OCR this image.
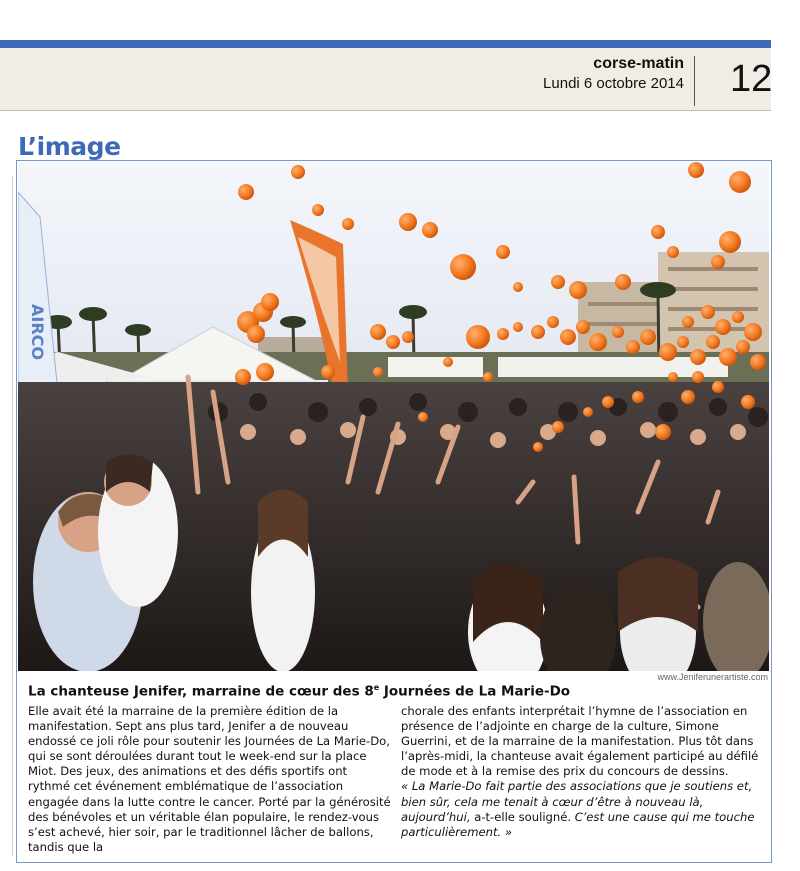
corse-matin
Lundi 6 octobre 2014 12
L’image
AIRCO
www.Jeniferunerartiste.com
La chanteuse Jenifer, marraine de cœur des 8e Journées de La Marie-Do

Elle avait été la marraine de la première édition de la manifestation. Sept ans plus tard, Jenifer a de nouveau endossé ce joli rôle pour soutenir les Journées de La Marie-Do, qui se sont déroulées durant tout le week-end sur la place Miot. Des jeux, des animations et des défis sportifs ont rythmé cet événement emblématique de l’association engagée dans la lutte contre le cancer. Porté par la générosité des bénévoles et un véritable élan populaire, le rendez-vous s’est achevé, hier soir, par le traditionnel lâcher de ballons, tandis que la

chorale des enfants interprétait l’hymne de l’association en présence de l’adjointe en charge de la culture, Simone Guerrini, et de la marraine de la manifestation. Plus tôt dans l’après-midi, la chanteuse avait également participé au défilé de mode et à la remise des prix du concours de dessins.

« La Marie-Do fait partie des associations que je soutiens et, bien sûr, cela me tenait à cœur d’être à nouveau là, aujourd’hui, a-t-elle souligné. C’est une cause qui me touche particulièrement. »
